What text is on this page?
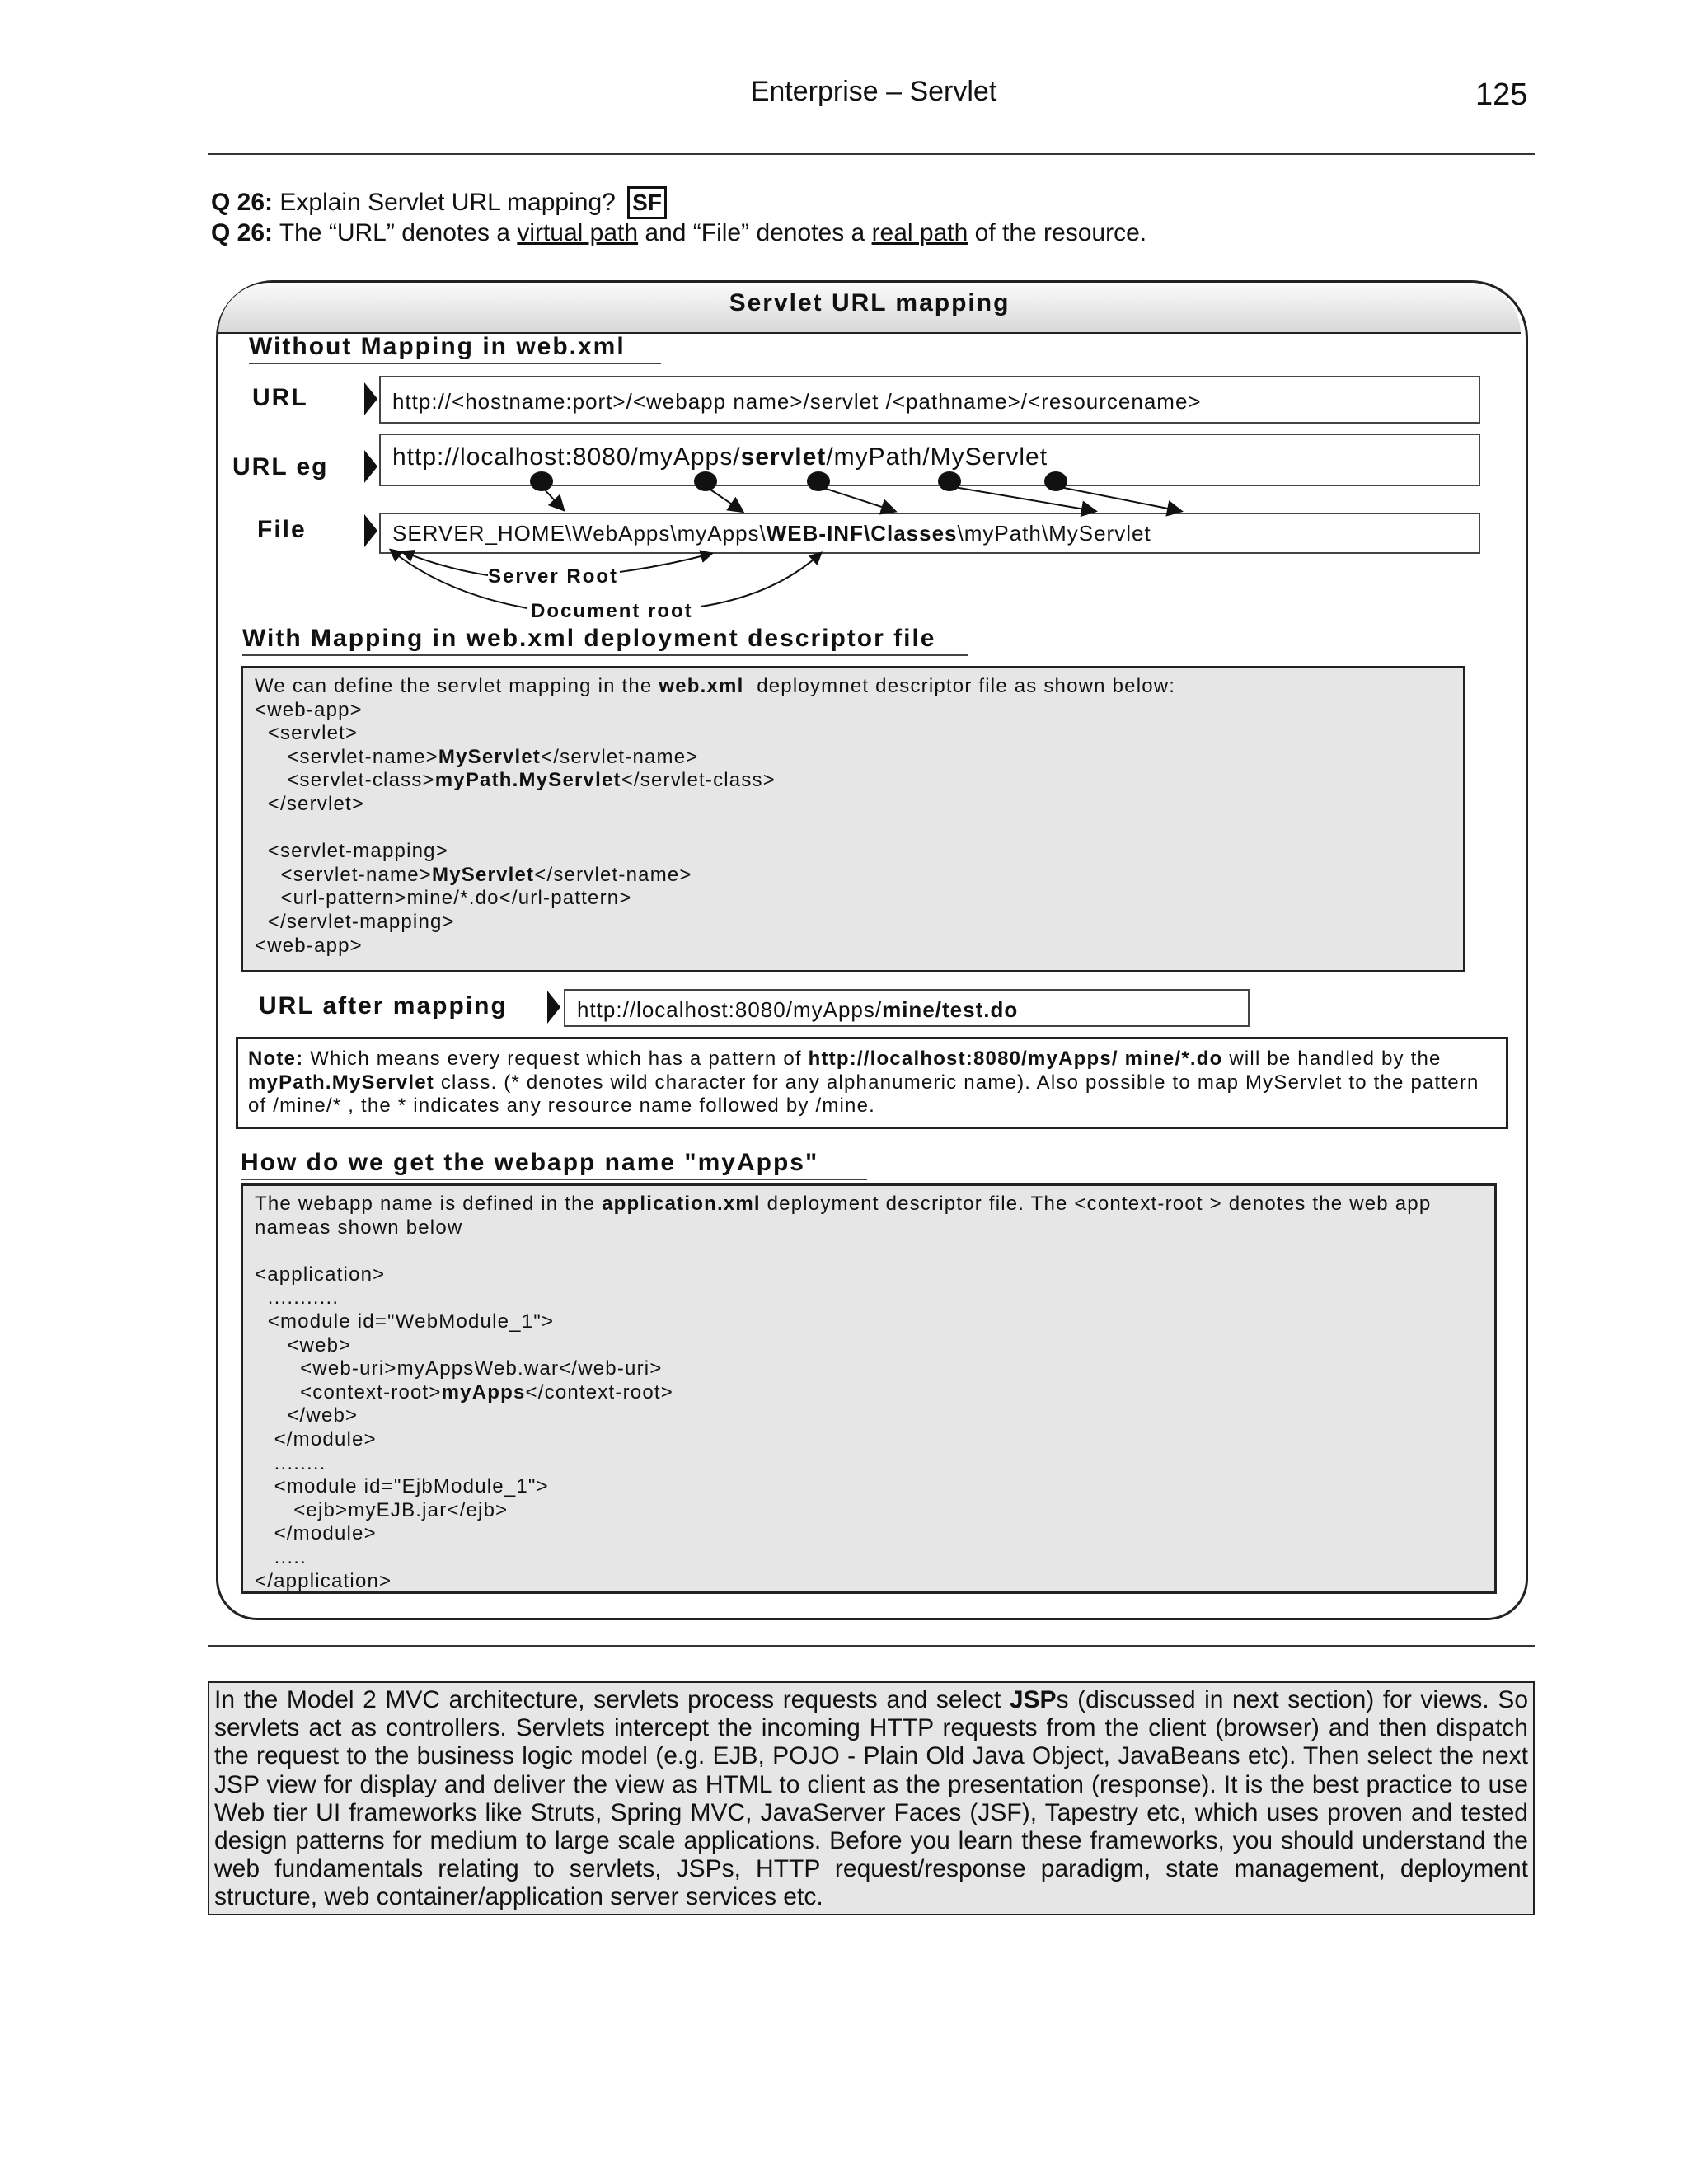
Enterprise – Servlet	125
Q 26: Explain Servlet URL mapping? SF
Q 26: The “URL” denotes a virtual path and “File” denotes a real path of the resource.
Servlet URL mapping
Without Mapping in web.xml
URL	http://<hostname:port>/<webapp name>/servlet /<pathname>/<resourcename>
URL eg	http://localhost:8080/myApps/servlet/myPath/MyServlet
File	SERVER_HOME\WebApps\myApps\WEB-INF\Classes\myPath\MyServlet
Server Root
Document root
With Mapping in web.xml deployment descriptor file
We can define the servlet mapping in the web.xml  deploymnet descriptor file as shown below:
<web-app>
<servlet>
<servlet-name>MyServlet</servlet-name>
<servlet-class>myPath.MyServlet</servlet-class>
</servlet>

<servlet-mapping>
<servlet-name>MyServlet</servlet-name>
<url-pattern>mine/*.do</url-pattern>
</servlet-mapping>
<web-app>
URL after mapping	http://localhost:8080/myApps/mine/test.do
Note: Which means every request which has a pattern of http://localhost:8080/myApps/ mine/*.do will be handled by the myPath.MyServlet class. (* denotes wild character for any alphanumeric name). Also possible to map MyServlet to the pattern of /mine/* , the * indicates any resource name followed by /mine.
How do we get the webapp name "myApps"
The webapp name is defined in the application.xml deployment descriptor file. The <context-root > denotes the web app nameas shown below
<application>
...........
<module id="WebModule_1">
<web>
<web-uri>myAppsWeb.war</web-uri>
<context-root>myApps</context-root>
</web>
</module>
........
<module id="EjbModule_1">
<ejb>myEJB.jar</ejb>
</module>
.....
</application>
In the Model 2 MVC architecture, servlets process requests and select JSPs (discussed in next section) for views. So servlets act as controllers. Servlets intercept the incoming HTTP requests from the client (browser) and then dispatch the request to the business logic model (e.g. EJB, POJO - Plain Old Java Object, JavaBeans etc). Then select the next JSP view for display and deliver the view as HTML to client as the presentation (response). It is the best practice to use Web tier UI frameworks like Struts, Spring MVC, JavaServer Faces (JSF), Tapestry etc, which uses proven and tested design patterns for medium to large scale applications. Before you learn these frameworks, you should understand the web fundamentals relating to servlets, JSPs, HTTP request/response paradigm, state management, deployment structure, web container/application server services etc.
